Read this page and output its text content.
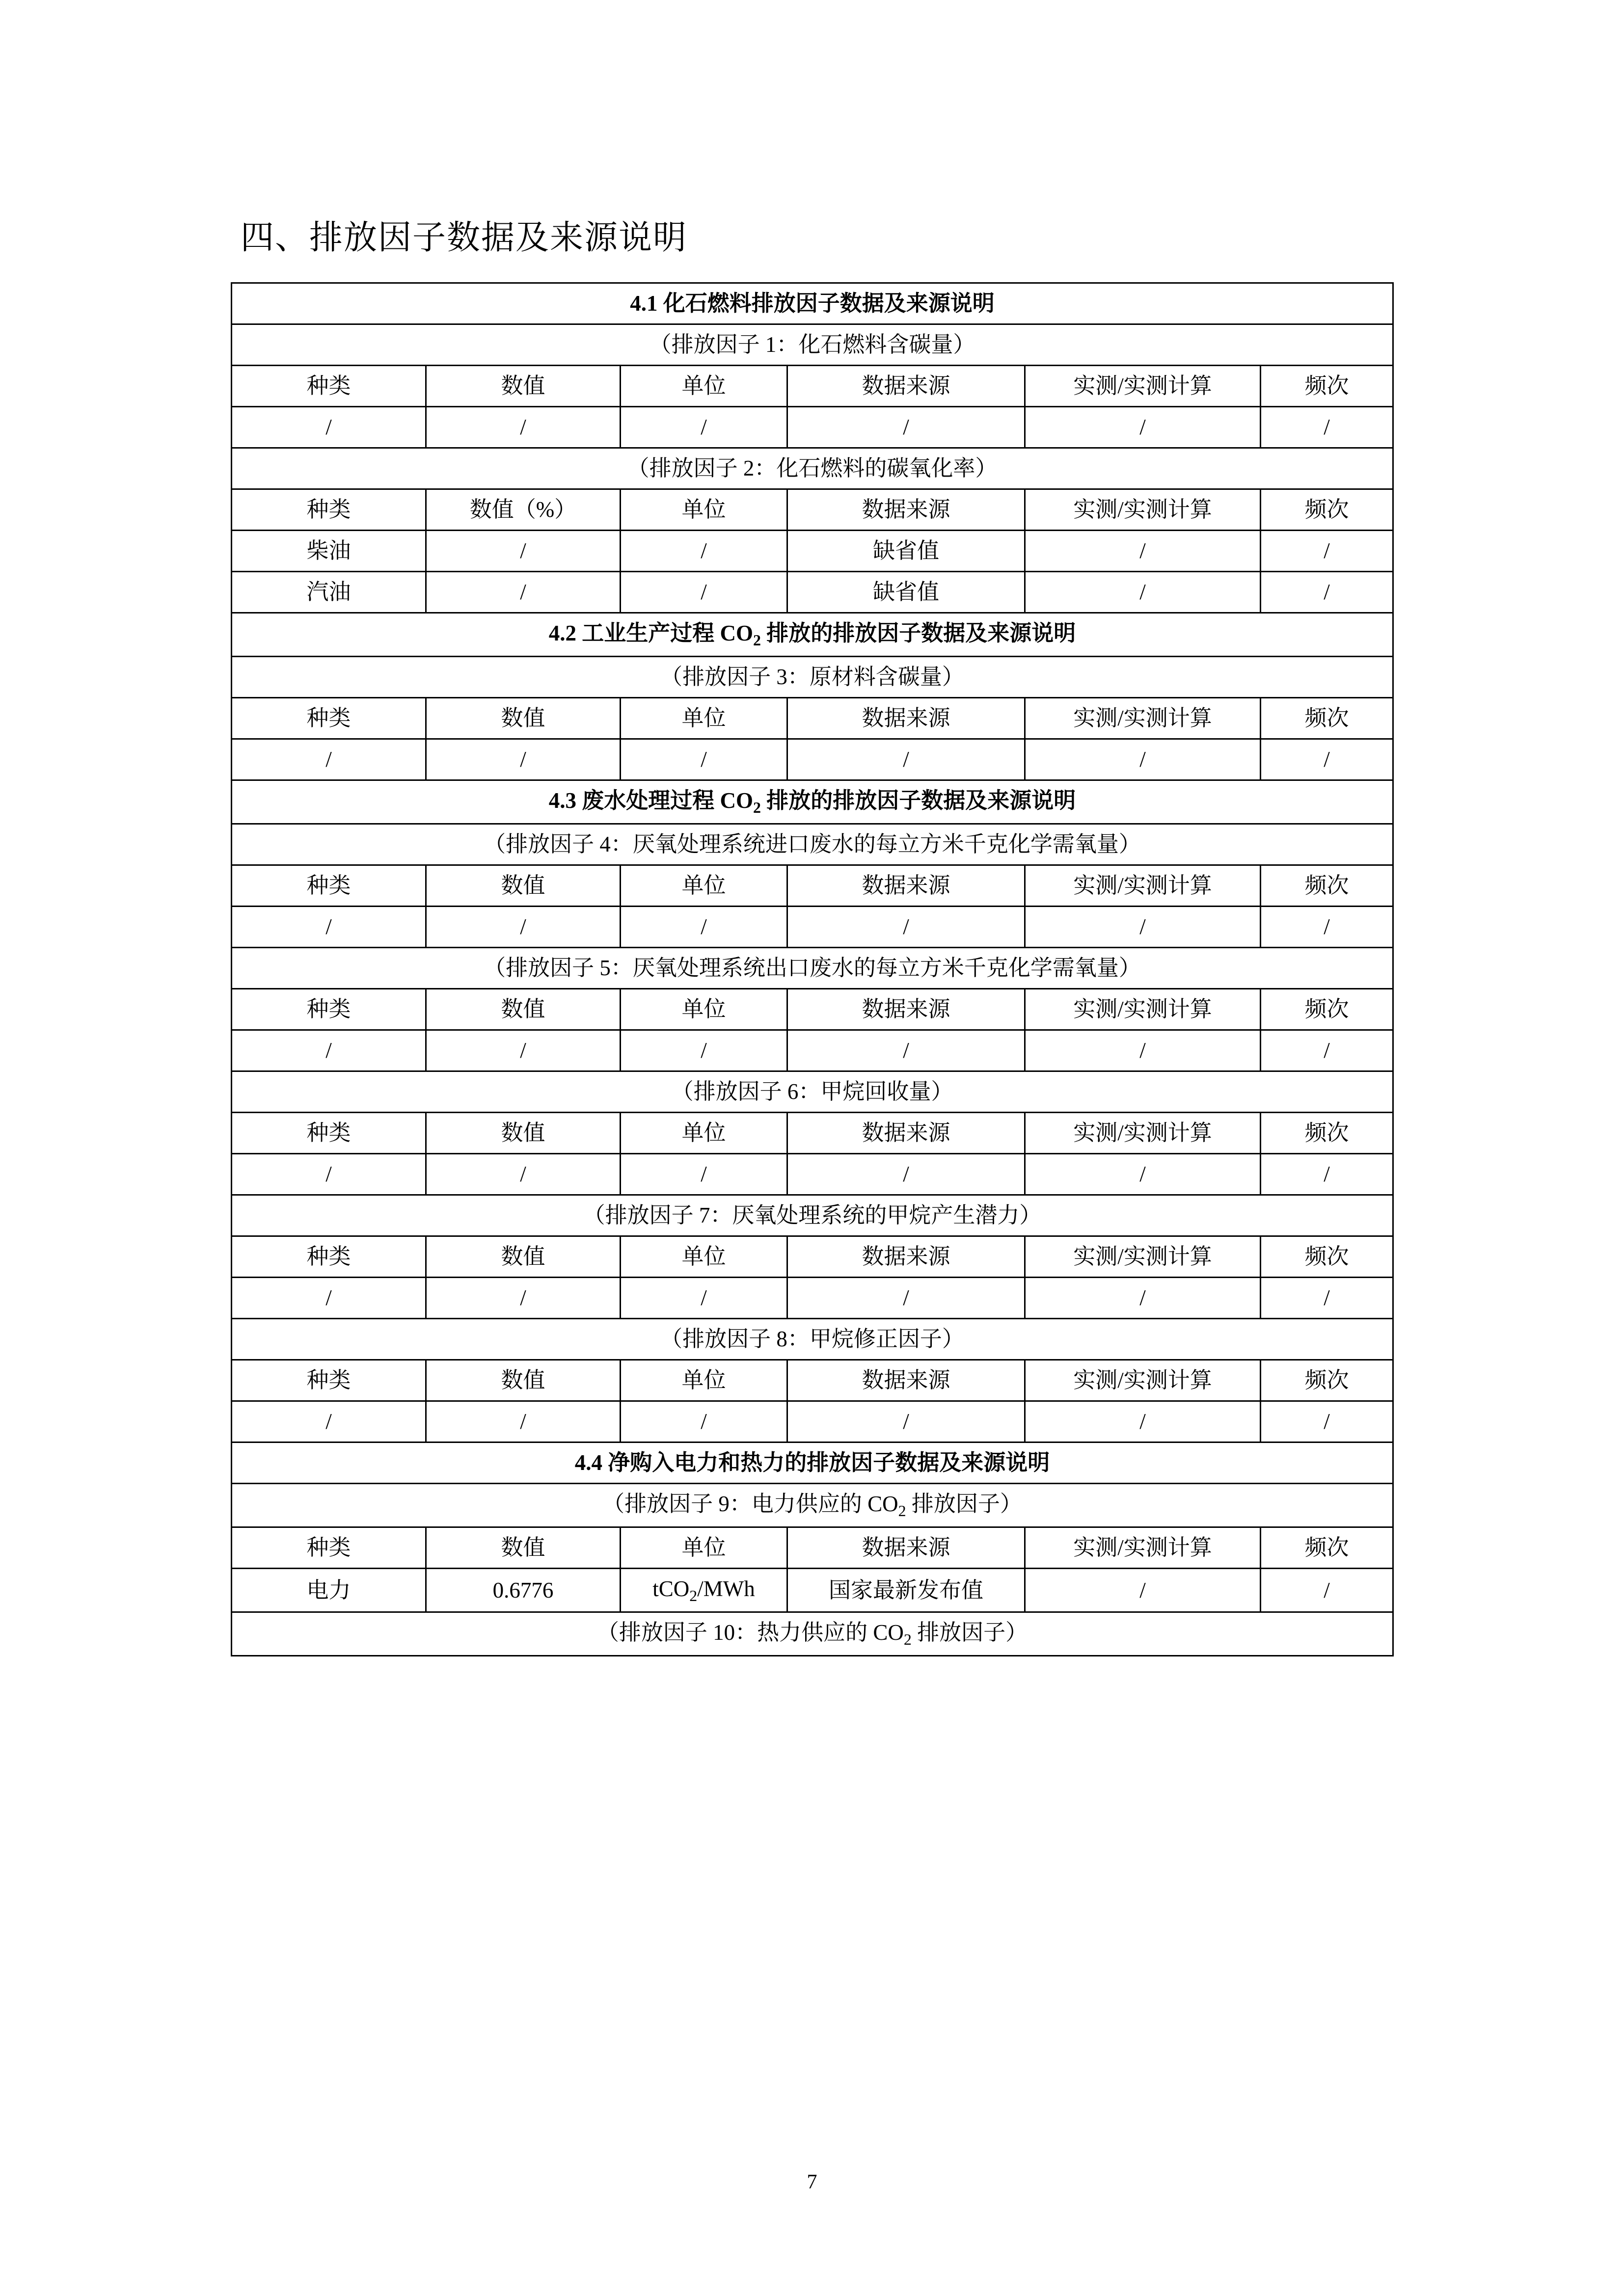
四、排放因子数据及来源说明
4.1 化石燃料排放因子数据及来源说明					
（排放因子 1：化石燃料含碳量）					
种类	数值	单位	数据来源	实测/实测计算	频次
/	/	/	/	/	/
（排放因子 2：化石燃料的碳氧化率）					
种类	数值（%）	单位	数据来源	实测/实测计算	频次
柴油	/	/	缺省值	/	/
汽油	/	/	缺省值	/	/
4.2 工业生产过程 $CO_2$ 排放的排放因子数据及来源说明					
（排放因子 3：原材料含碳量）					
种类	数值	单位	数据来源	实测/实测计算	频次
/	/	/	/	/	/
4.3 废水处理过程 $CO_2$ 排放的排放因子数据及来源说明					
（排放因子 4：厌氧处理系统进口废水的每立方米千克化学需氧量）					
种类	数值	单位	数据来源	实测/实测计算	频次
/	/	/	/	/	/
（排放因子 5：厌氧处理系统出口废水的每立方米千克化学需氧量）					
种类	数值	单位	数据来源	实测/实测计算	频次
/	/	/	/	/	/
（排放因子 6：甲烷回收量）					
种类	数值	单位	数据来源	实测/实测计算	频次
/	/	/	/	/	/
（排放因子 7：厌氧处理系统的甲烷产生潜力）					
种类	数值	单位	数据来源	实测/实测计算	频次
/	/	/	/	/	/
（排放因子 8：甲烷修正因子）					
种类	数值	单位	数据来源	实测/实测计算	频次
/	/	/	/	/	/
4.4 净购入电力和热力的排放因子数据及来源说明					
（排放因子 9：电力供应的 $CO_2$ 排放因子）					
种类	数值	单位	数据来源	实测/实测计算	频次
电力	0.6776	tCO$_2$/MWh	国家最新发布值	/	/
（排放因子 10：热力供应的 $CO_2$ 排放因子）					
7
